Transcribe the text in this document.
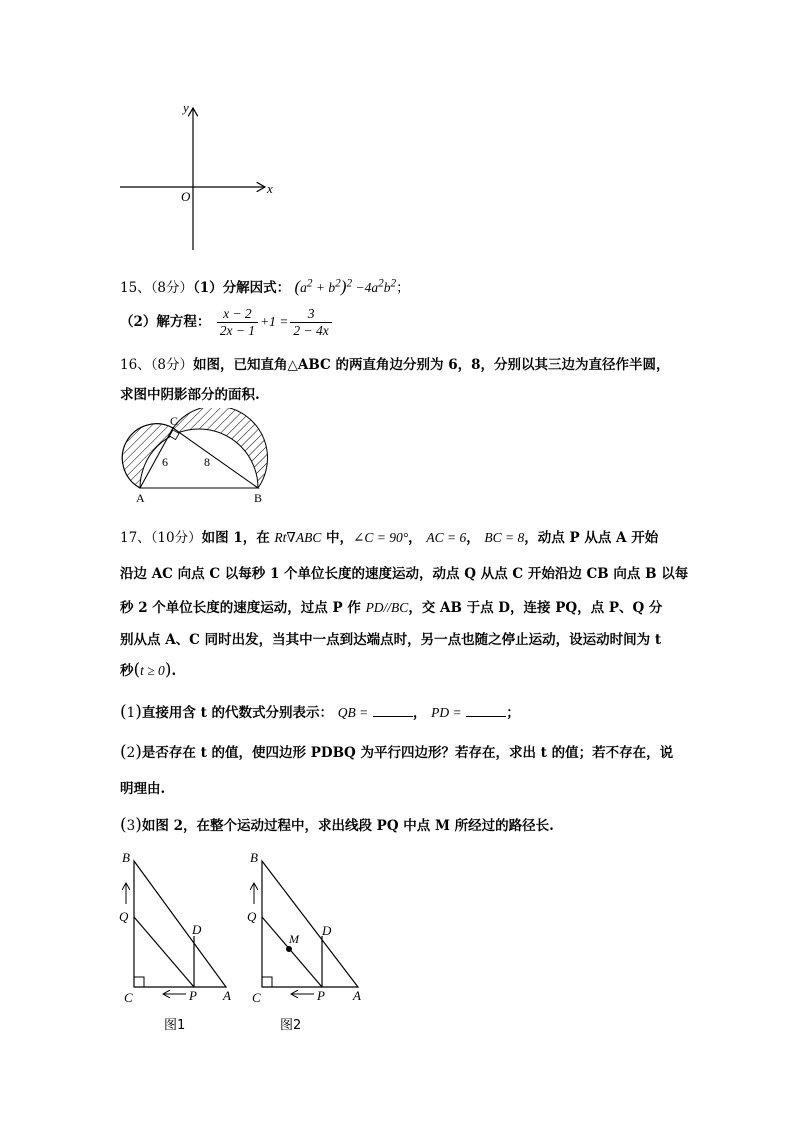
y
x
O
15、（8分）（1）分解因式： $(a^2 + b^2)^2 -4a^2b^2$；
（2）解方程： $\frac{x - 2}{2x - 1} +1 = \frac{3}{2 - 4x}$
16、（8分）如图，已知直角△ABC 的两直角边分别为 6，8，分别以其三边为直径作半圆，
求图中阴影部分的面积.
C
A	B
6	8
17、（10分）如图 1，在 Rt∇ABC 中，∠C = 90°， AC = 6， BC = 8，动点 P 从点 A 开始
沿边 AC 向点 C 以每秒 1 个单位长度的速度运动，动点 Q 从点 C 开始沿边 CB 向点 B 以每
秒 2 个单位长度的速度运动，过点 P 作 PD//BC，交 AB 于点 D，连接 PQ，点 P、Q 分
别从点 A、C 同时出发，当其中一点到达端点时，另一点也随之停止运动，设运动时间为 t
秒(t ≥ 0).
(1)直接用含 t 的代数式分别表示： QB =	， PD =	；
(2)是否存在 t 的值，使四边形 PDBQ 为平行四边形？若存在，求出 t 的值；若不存在，说
明理由.
(3)如图 2，在整个运动过程中，求出线段 PQ 中点 M 所经过的路径长.
B
Q
C	P A
D
图1
B
Q
M
C	P A
D
图2
